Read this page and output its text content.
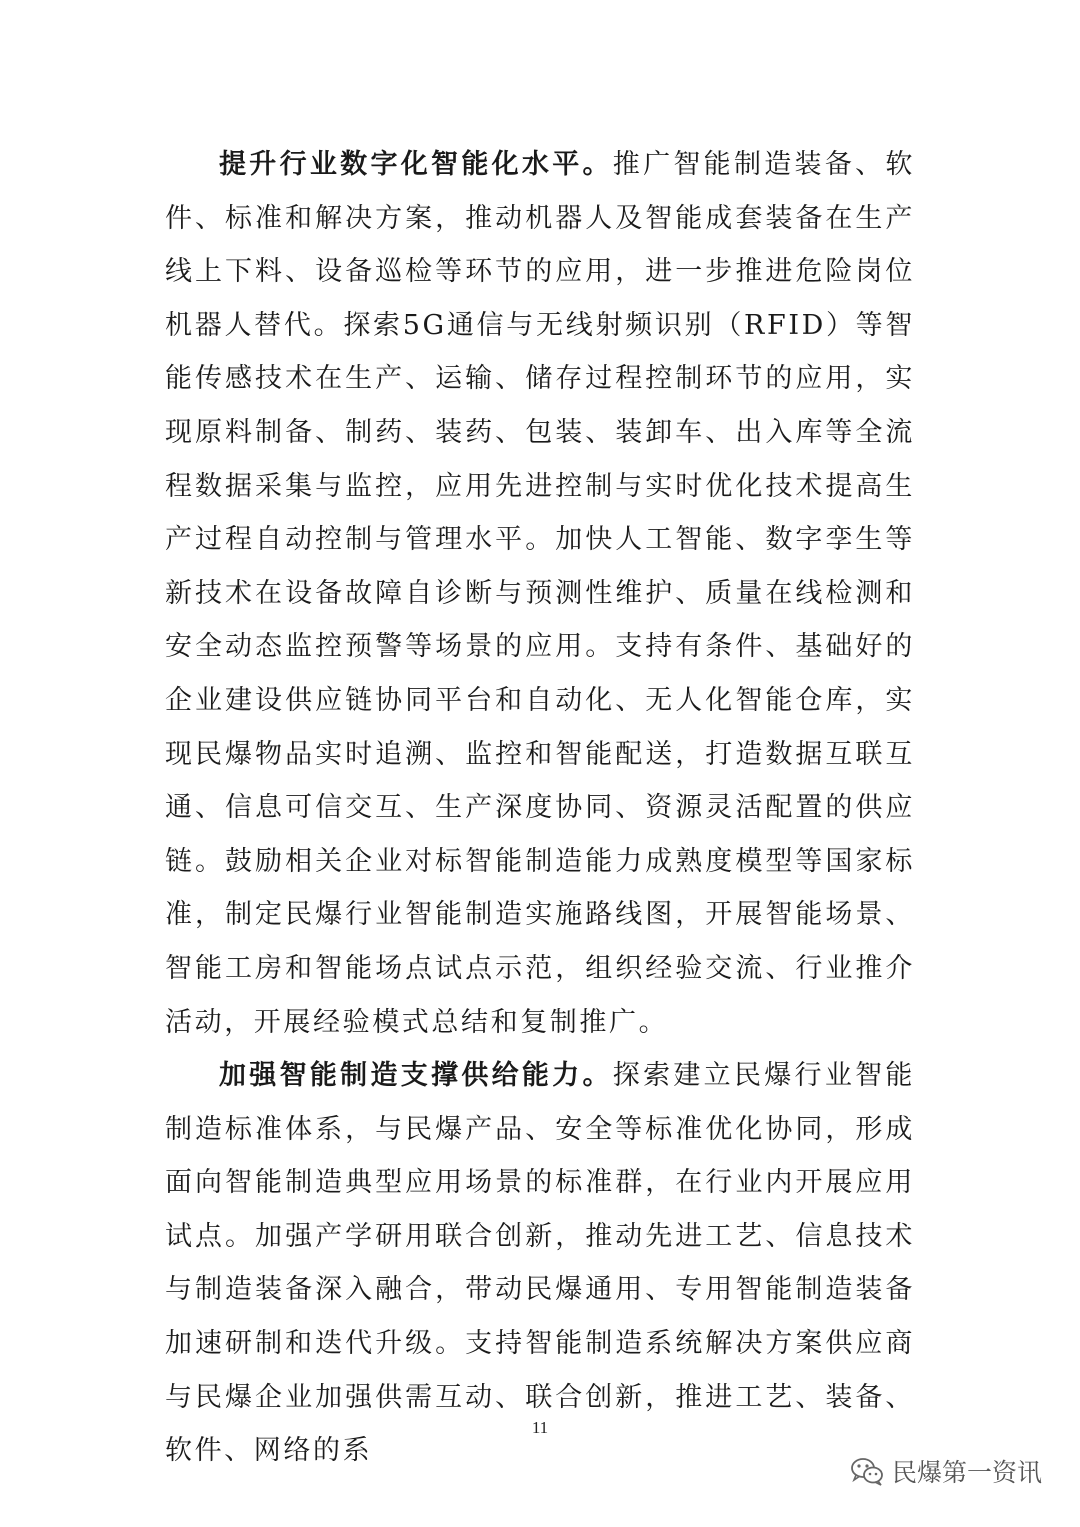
提升行业数字化智能化水平。推广智能制造装备、软件、标准和解决方案，推动机器人及智能成套装备在生产线上下料、设备巡检等环节的应用，进一步推进危险岗位机器人替代。探索5G通信与无线射频识别（RFID）等智能传感技术在生产、运输、储存过程控制环节的应用，实现原料制备、制药、装药、包装、装卸车、出入库等全流程数据采集与监控，应用先进控制与实时优化技术提高生产过程自动控制与管理水平。加快人工智能、数字孪生等新技术在设备故障自诊断与预测性维护、质量在线检测和安全动态监控预警等场景的应用。支持有条件、基础好的企业建设供应链协同平台和自动化、无人化智能仓库，实现民爆物品实时追溯、监控和智能配送，打造数据互联互通、信息可信交互、生产深度协同、资源灵活配置的供应链。鼓励相关企业对标智能制造能力成熟度模型等国家标准，制定民爆行业智能制造实施路线图，开展智能场景、智能工房和智能场点试点示范，组织经验交流、行业推介活动，开展经验模式总结和复制推广。

加强智能制造支撑供给能力。探索建立民爆行业智能制造标准体系，与民爆产品、安全等标准优化协同，形成面向智能制造典型应用场景的标准群，在行业内开展应用试点。加强产学研用联合创新，推动先进工艺、信息技术与制造装备深入融合，带动民爆通用、专用智能制造装备加速研制和迭代升级。支持智能制造系统解决方案供应商与民爆企业加强供需互动、联合创新，推进工艺、装备、软件、网络的系

11
民爆第一资讯
